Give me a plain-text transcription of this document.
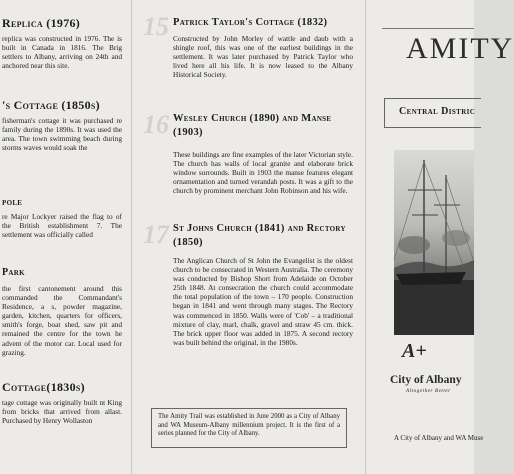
Replica (1976)
replica was constructed in 1976. The is built in Canada in 1816. The Brig settlers to Albany, arriving on 24th and anchored near this site.
's Cottage (1850s)
fisherman's cottage it was purchased re family during the 1890s. It was used the area. The town swimming beach during storms waves would soak the
pole
re Major Lockyer raised the flag to of the British establishment 7. The settlement was officially called
Park
the first cantonement around this commanded the Commandant's Residence, a s, powder magazine, garden, kitchen, quarters for officers, smith's forge, boat shed, saw pit and remained the centre for the town he advent of the motor car. Local used for grazing.
Cottage(1830s)
tage cottage was originally built nt King from bricks that arrived from allast. Purchased by Henry Wollaston
15 Patrick Taylor's Cottage (1832)
Constructed by John Morley of wattle and daub with a shingle roof, this was one of the earliest buildings in the settlement. It was later purchased by Patrick Taylor who lived here all his life. It is now leased to the Albany Historical Society.
16 Wesley Church (1890) and Manse (1903)
These buildings are fine examples of the later Victorian style. The church has walls of local granite and elaborate brick window surrounds. Built in 1903 the manse features elegant ornamentation and turned verandah posts. It was a gift to the church by prominent merchant John Robinson and his wife.
17 St Johns Church (1841) and Rectory (1850)
The Anglican Church of St John the Evangelist is the oldest church to be consecrated in Western Australia. The ceremony was conducted by Bishop Short from Adelaide on October 25th 1848. At consecration the church could accommodate the total population of the town – 170 people. Construction began in 1841 and went through many stages. The Rectory was commenced in 1850. Walls were of 'Cob' – a traditional mixture of clay, marl, chalk, gravel and straw 45 cm. thick. The brick upper floor was added in 1875. A second rectory was built behind the original, in the 1980s.
The Amity Trail was established in June 2000 as a City of Albany and WA Museum-Albany millennium project. It is the first of a series planned for the City of Albany.
AMITY
Central Distric
A+
City of Albany
Altogether Better
A City of Albany and WA Muse
